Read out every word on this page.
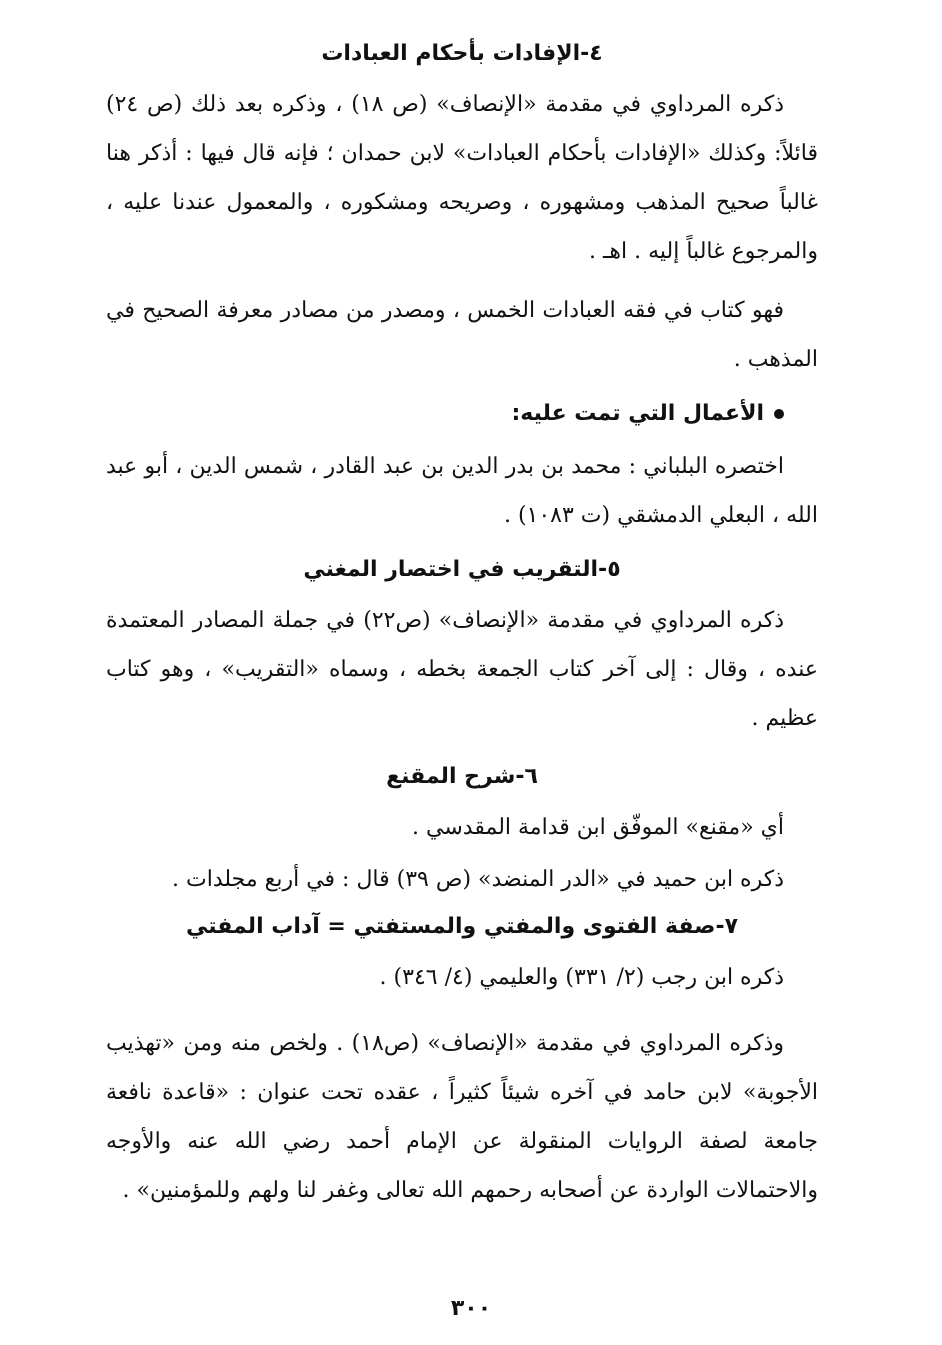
٤-الإفادات بأحكام العبادات

ذكره المرداوي في مقدمة «الإنصاف» (ص ١٨) ، وذكره بعد ذلك (ص ٢٤) قائلاً: وكذلك «الإفادات بأحكام العبادات» لابن حمدان ؛ فإنه قال فيها : أذكر هنا غالباً صحيح المذهب ومشهوره ، وصريحه ومشكوره ، والمعمول عندنا عليه ، والمرجوع غالباً إليه . اهـ .

فهو كتاب في فقه العبادات الخمس ، ومصدر من مصادر معرفة الصحيح في المذهب .

الأعمال التي تمت عليه:

اختصره البلباني : محمد بن بدر الدين بن عبد القادر ، شمس الدين ، أبو عبد الله ، البعلي الدمشقي (ت ١٠٨٣) .

٥-التقريب في اختصار المغني

ذكره المرداوي في مقدمة «الإنصاف» (ص٢٢) في جملة المصادر المعتمدة عنده ، وقال : إلى آخر كتاب الجمعة بخطه ، وسماه «التقريب» ، وهو كتاب عظيم .

٦-شرح المقنع

أي «مقنع» الموفّق ابن قدامة المقدسي .

ذكره ابن حميد في «الدر المنضد» (ص ٣٩) قال : في أربع مجلدات .

٧-صفة الفتوى والمفتي والمستفتي = آداب المفتي

ذكره ابن رجب (٢/ ٣٣١) والعليمي (٤/ ٣٤٦) .

وذكره المرداوي في مقدمة «الإنصاف» (ص١٨) . ولخص منه ومن «تهذيب الأجوبة» لابن حامد في آخره شيئاً كثيراً ، عقده تحت عنوان : «قاعدة نافعة جامعة لصفة الروايات المنقولة عن الإمام أحمد رضي الله عنه والأوجه والاحتمالات الواردة عن أصحابه رحمهم الله تعالى وغفر لنا ولهم وللمؤمنين» .

٣٠٠
